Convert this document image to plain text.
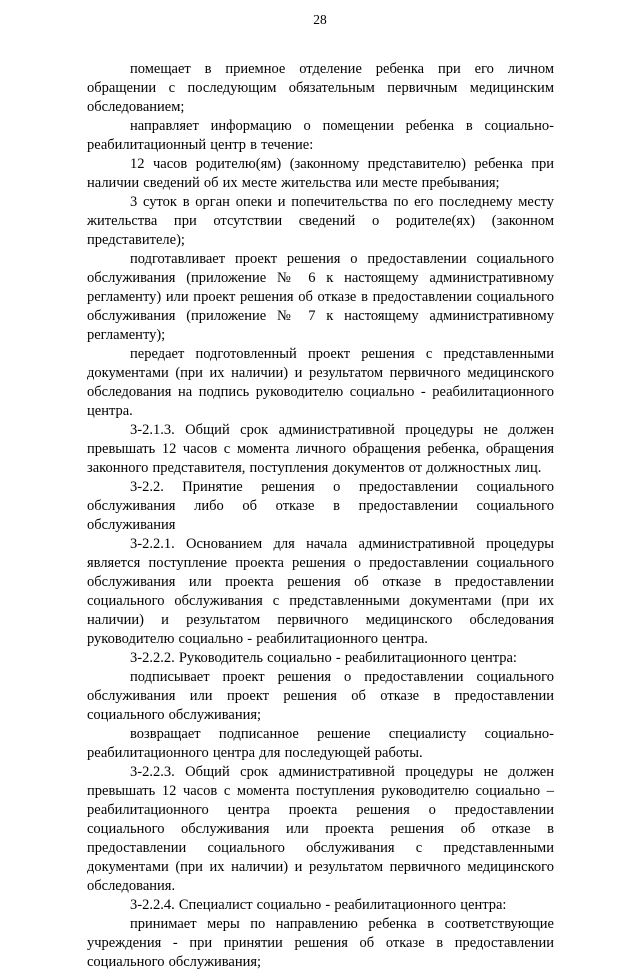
28

помещает в приемное отделение ребенка при его личном обращении с последующим обязательным первичным медицинским обследованием;

направляет информацию о помещении ребенка в социально-реабилитационный центр в течение:

12 часов родителю(ям) (законному представителю) ребенка при наличии сведений об их месте жительства или месте пребывания;

3 суток в орган опеки и попечительства по его последнему месту жительства при отсутствии сведений о родителе(ях) (законном представителе);

подготавливает проект решения о предоставлении социального обслуживания (приложение № 6 к настоящему административному регламенту) или проект решения об отказе в предоставлении социального обслуживания (приложение № 7 к настоящему административному регламенту);

передает подготовленный проект решения с представленными документами (при их наличии) и результатом первичного медицинского обследования на подпись руководителю социально - реабилитационного центра.

3-2.1.3. Общий срок административной процедуры не должен превышать 12 часов с момента личного обращения ребенка, обращения законного представителя, поступления документов от должностных лиц.

3-2.2. Принятие решения о предоставлении социального обслуживания либо об отказе в предоставлении социального обслуживания

3-2.2.1. Основанием для начала административной процедуры является поступление проекта решения о предоставлении социального обслуживания или проекта решения об отказе в предоставлении социального обслуживания с представленными документами (при их наличии) и результатом первичного медицинского обследования руководителю социально - реабилитационного центра.

3-2.2.2. Руководитель социально - реабилитационного центра:

подписывает проект решения о предоставлении социального обслуживания или проект решения об отказе в предоставлении социального обслуживания;

возвращает подписанное решение специалисту социально-реабилитационного центра для последующей работы.

3-2.2.3. Общий срок административной процедуры не должен превышать 12 часов с момента поступления руководителю социально – реабилитационного центра проекта решения о предоставлении социального обслуживания или проекта решения об отказе в предоставлении социального обслуживания с представленными документами (при их наличии) и результатом первичного медицинского обследования.

3-2.2.4. Специалист социально - реабилитационного центра:

принимает меры по направлению ребенка в соответствующие учреждения - при принятии решения об отказе в предоставлении социального обслуживания;
